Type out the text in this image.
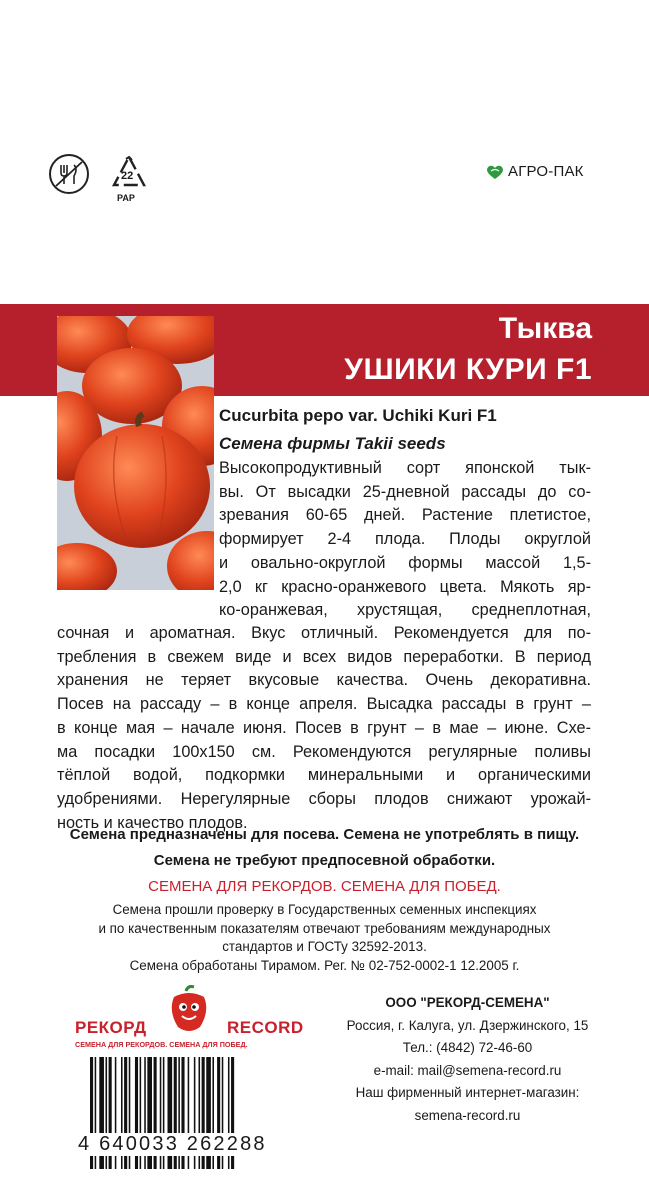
22
PAP
АГРО-ПАК
Тыква
УШИКИ КУРИ F1
Cucurbita pepo var. Uchiki Kuri F1
Семена фирмы Takii seeds
Высокопродуктивный сорт японской тык-
вы. От высадки 25-дневной рассады до со-
зревания 60-65 дней. Растение плетистое,
формирует 2-4 плода. Плоды округлой
и овально-округлой формы массой 1,5-
2,0 кг красно-оранжевого цвета. Мякоть яр-
ко-оранжевая, хрустящая, среднеплотная,
сочная и ароматная. Вкус отличный. Рекомендуется для по-
требления в свежем виде и всех видов переработки. В период
хранения не теряет вкусовые качества. Очень декоративна.
Посев на рассаду – в конце апреля. Высадка рассады в грунт –
в конце мая – начале июня. Посев в грунт – в мае – июне. Схе-
ма посадки 100х150 см. Рекомендуются регулярные поливы
тёплой водой, подкормки минеральными и органическими
удобрениями. Нерегулярные сборы плодов снижают урожай-
ность и качество плодов.
Семена предназначены для посева. Семена не употреблять в пищу.
Семена не требуют предпосевной обработки.
СЕМЕНА ДЛЯ РЕКОРДОВ. СЕМЕНА ДЛЯ ПОБЕД.
Семена прошли проверку в Государственных семенных инспекциях
и по качественным показателям отвечают требованиям международных
стандартов и ГОСТу 32592-2013.
Семена обработаны Тирамом. Рег. № 02-752-0002-1 12.2005 г.
РЕКОРД	RECORD
СЕМЕНА ДЛЯ РЕКОРДОВ. СЕМЕНА ДЛЯ ПОБЕД.
ООО "РЕКОРД-СЕМЕНА"
Россия, г. Калуга, ул. Дзержинского, 15
Тел.: (4842) 72-46-60
e-mail: mail@semena-record.ru
Наш фирменный интернет-магазин:
semena-record.ru
4 640033 262288
